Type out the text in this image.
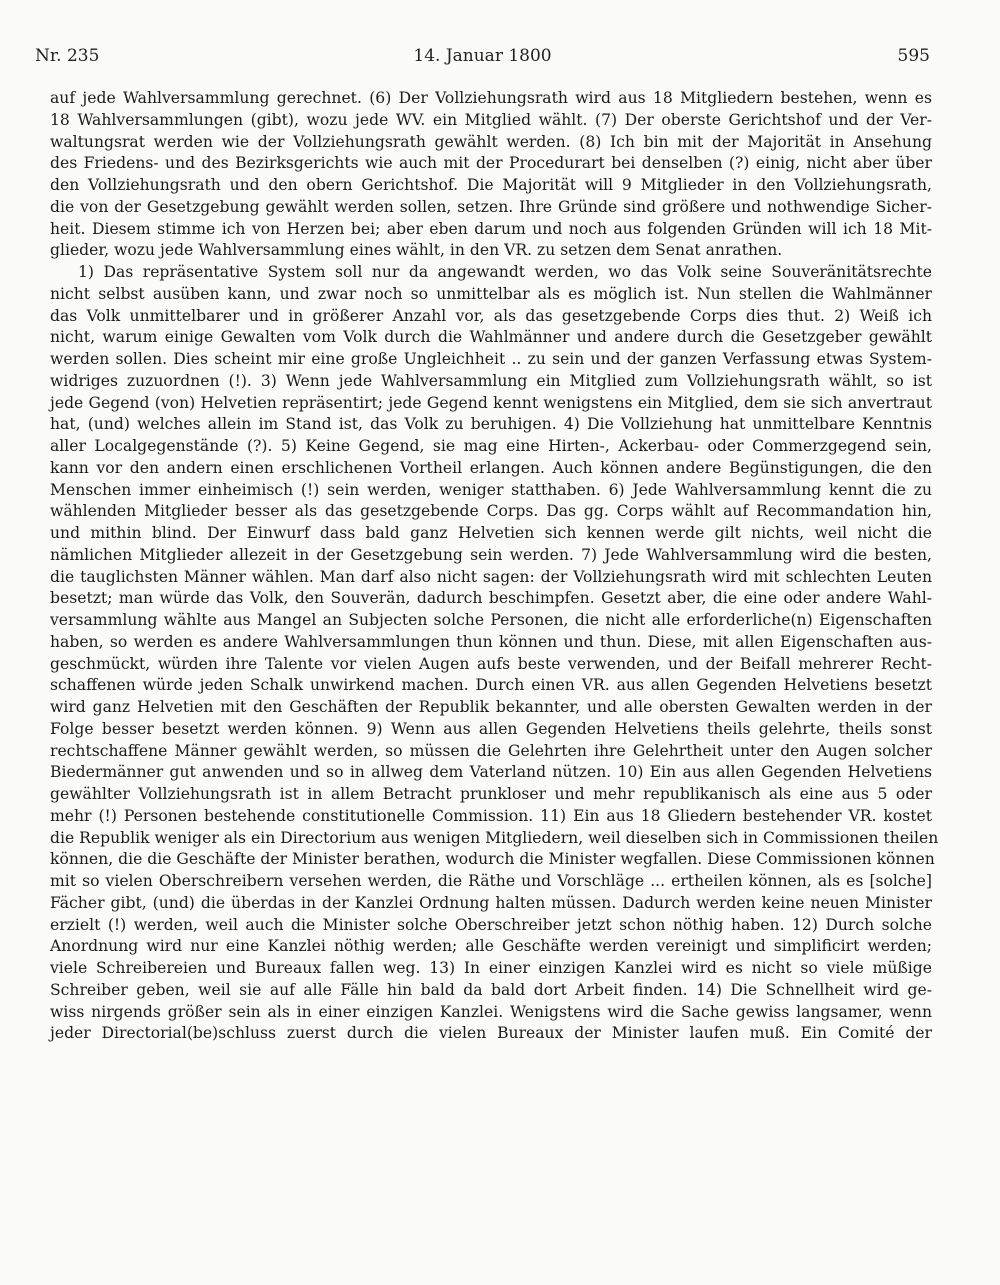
Nr. 235	14. Januar 1800	595
auf jede Wahlversammlung gerechnet. (6) Der Vollziehungsrath wird aus 18 Mitgliedern bestehen, wenn es
18 Wahlversammlungen (gibt), wozu jede WV. ein Mitglied wählt. (7) Der oberste Gerichtshof und der Ver-
waltungsrat werden wie der Vollziehungsrath gewählt werden. (8) Ich bin mit der Majorität in Ansehung
des Friedens- und des Bezirksgerichts wie auch mit der Procedurart bei denselben (?) einig, nicht aber über
den Vollziehungsrath und den obern Gerichtshof. Die Majorität will 9 Mitglieder in den Vollziehungsrath,
die von der Gesetzgebung gewählt werden sollen, setzen. Ihre Gründe sind größere und nothwendige Sicher-
heit. Diesem stimme ich von Herzen bei; aber eben darum und noch aus folgenden Gründen will ich 18 Mit-
glieder, wozu jede Wahlversammlung eines wählt, in den VR. zu setzen dem Senat anrathen.
1) Das repräsentative System soll nur da angewandt werden, wo das Volk seine Souveränitätsrechte
nicht selbst ausüben kann, und zwar noch so unmittelbar als es möglich ist. Nun stellen die Wahlmänner
das Volk unmittelbarer und in größerer Anzahl vor, als das gesetzgebende Corps dies thut. 2) Weiß ich
nicht, warum einige Gewalten vom Volk durch die Wahlmänner und andere durch die Gesetzgeber gewählt
werden sollen. Dies scheint mir eine große Ungleichheit .. zu sein und der ganzen Verfassung etwas System-
widriges zuzuordnen (!). 3) Wenn jede Wahlversammlung ein Mitglied zum Vollziehungsrath wählt, so ist
jede Gegend (von) Helvetien repräsentirt; jede Gegend kennt wenigstens ein Mitglied, dem sie sich anvertraut
hat, (und) welches allein im Stand ist, das Volk zu beruhigen. 4) Die Vollziehung hat unmittelbare Kenntnis
aller Localgegenstände (?). 5) Keine Gegend, sie mag eine Hirten-, Ackerbau- oder Commerzgegend sein,
kann vor den andern einen erschlichenen Vortheil erlangen. Auch können andere Begünstigungen, die den
Menschen immer einheimisch (!) sein werden, weniger statthaben. 6) Jede Wahlversammlung kennt die zu
wählenden Mitglieder besser als das gesetzgebende Corps. Das gg. Corps wählt auf Recommandation hin,
und mithin blind. Der Einwurf dass bald ganz Helvetien sich kennen werde gilt nichts, weil nicht die
nämlichen Mitglieder allezeit in der Gesetzgebung sein werden. 7) Jede Wahlversammlung wird die besten,
die tauglichsten Männer wählen. Man darf also nicht sagen: der Vollziehungsrath wird mit schlechten Leuten
besetzt; man würde das Volk, den Souverän, dadurch beschimpfen. Gesetzt aber, die eine oder andere Wahl-
versammlung wählte aus Mangel an Subjecten solche Personen, die nicht alle erforderliche(n) Eigenschaften
haben, so werden es andere Wahlversammlungen thun können und thun. Diese, mit allen Eigenschaften aus-
geschmückt, würden ihre Talente vor vielen Augen aufs beste verwenden, und der Beifall mehrerer Recht-
schaffenen würde jeden Schalk unwirkend machen. Durch einen VR. aus allen Gegenden Helvetiens besetzt
wird ganz Helvetien mit den Geschäften der Republik bekannter, und alle obersten Gewalten werden in der
Folge besser besetzt werden können. 9) Wenn aus allen Gegenden Helvetiens theils gelehrte, theils sonst
rechtschaffene Männer gewählt werden, so müssen die Gelehrten ihre Gelehrtheit unter den Augen solcher
Biedermänner gut anwenden und so in allweg dem Vaterland nützen. 10) Ein aus allen Gegenden Helvetiens
gewählter Vollziehungsrath ist in allem Betracht prunkloser und mehr republikanisch als eine aus 5 oder
mehr (!) Personen bestehende constitutionelle Commission. 11) Ein aus 18 Gliedern bestehender VR. kostet
die Republik weniger als ein Directorium aus wenigen Mitgliedern, weil dieselben sich in Commissionen theilen
können, die die Geschäfte der Minister berathen, wodurch die Minister wegfallen. Diese Commissionen können
mit so vielen Oberschreibern versehen werden, die Räthe und Vorschläge ... ertheilen können, als es [solche]
Fächer gibt, (und) die überdas in der Kanzlei Ordnung halten müssen. Dadurch werden keine neuen Minister
erzielt (!) werden, weil auch die Minister solche Oberschreiber jetzt schon nöthig haben. 12) Durch solche
Anordnung wird nur eine Kanzlei nöthig werden; alle Geschäfte werden vereinigt und simplificirt werden;
viele Schreibereien und Bureaux fallen weg. 13) In einer einzigen Kanzlei wird es nicht so viele müßige
Schreiber geben, weil sie auf alle Fälle hin bald da bald dort Arbeit finden. 14) Die Schnellheit wird ge-
wiss nirgends größer sein als in einer einzigen Kanzlei. Wenigstens wird die Sache gewiss langsamer, wenn
jeder Directorial(be)schluss zuerst durch die vielen Bureaux der Minister laufen muß. Ein Comité der
